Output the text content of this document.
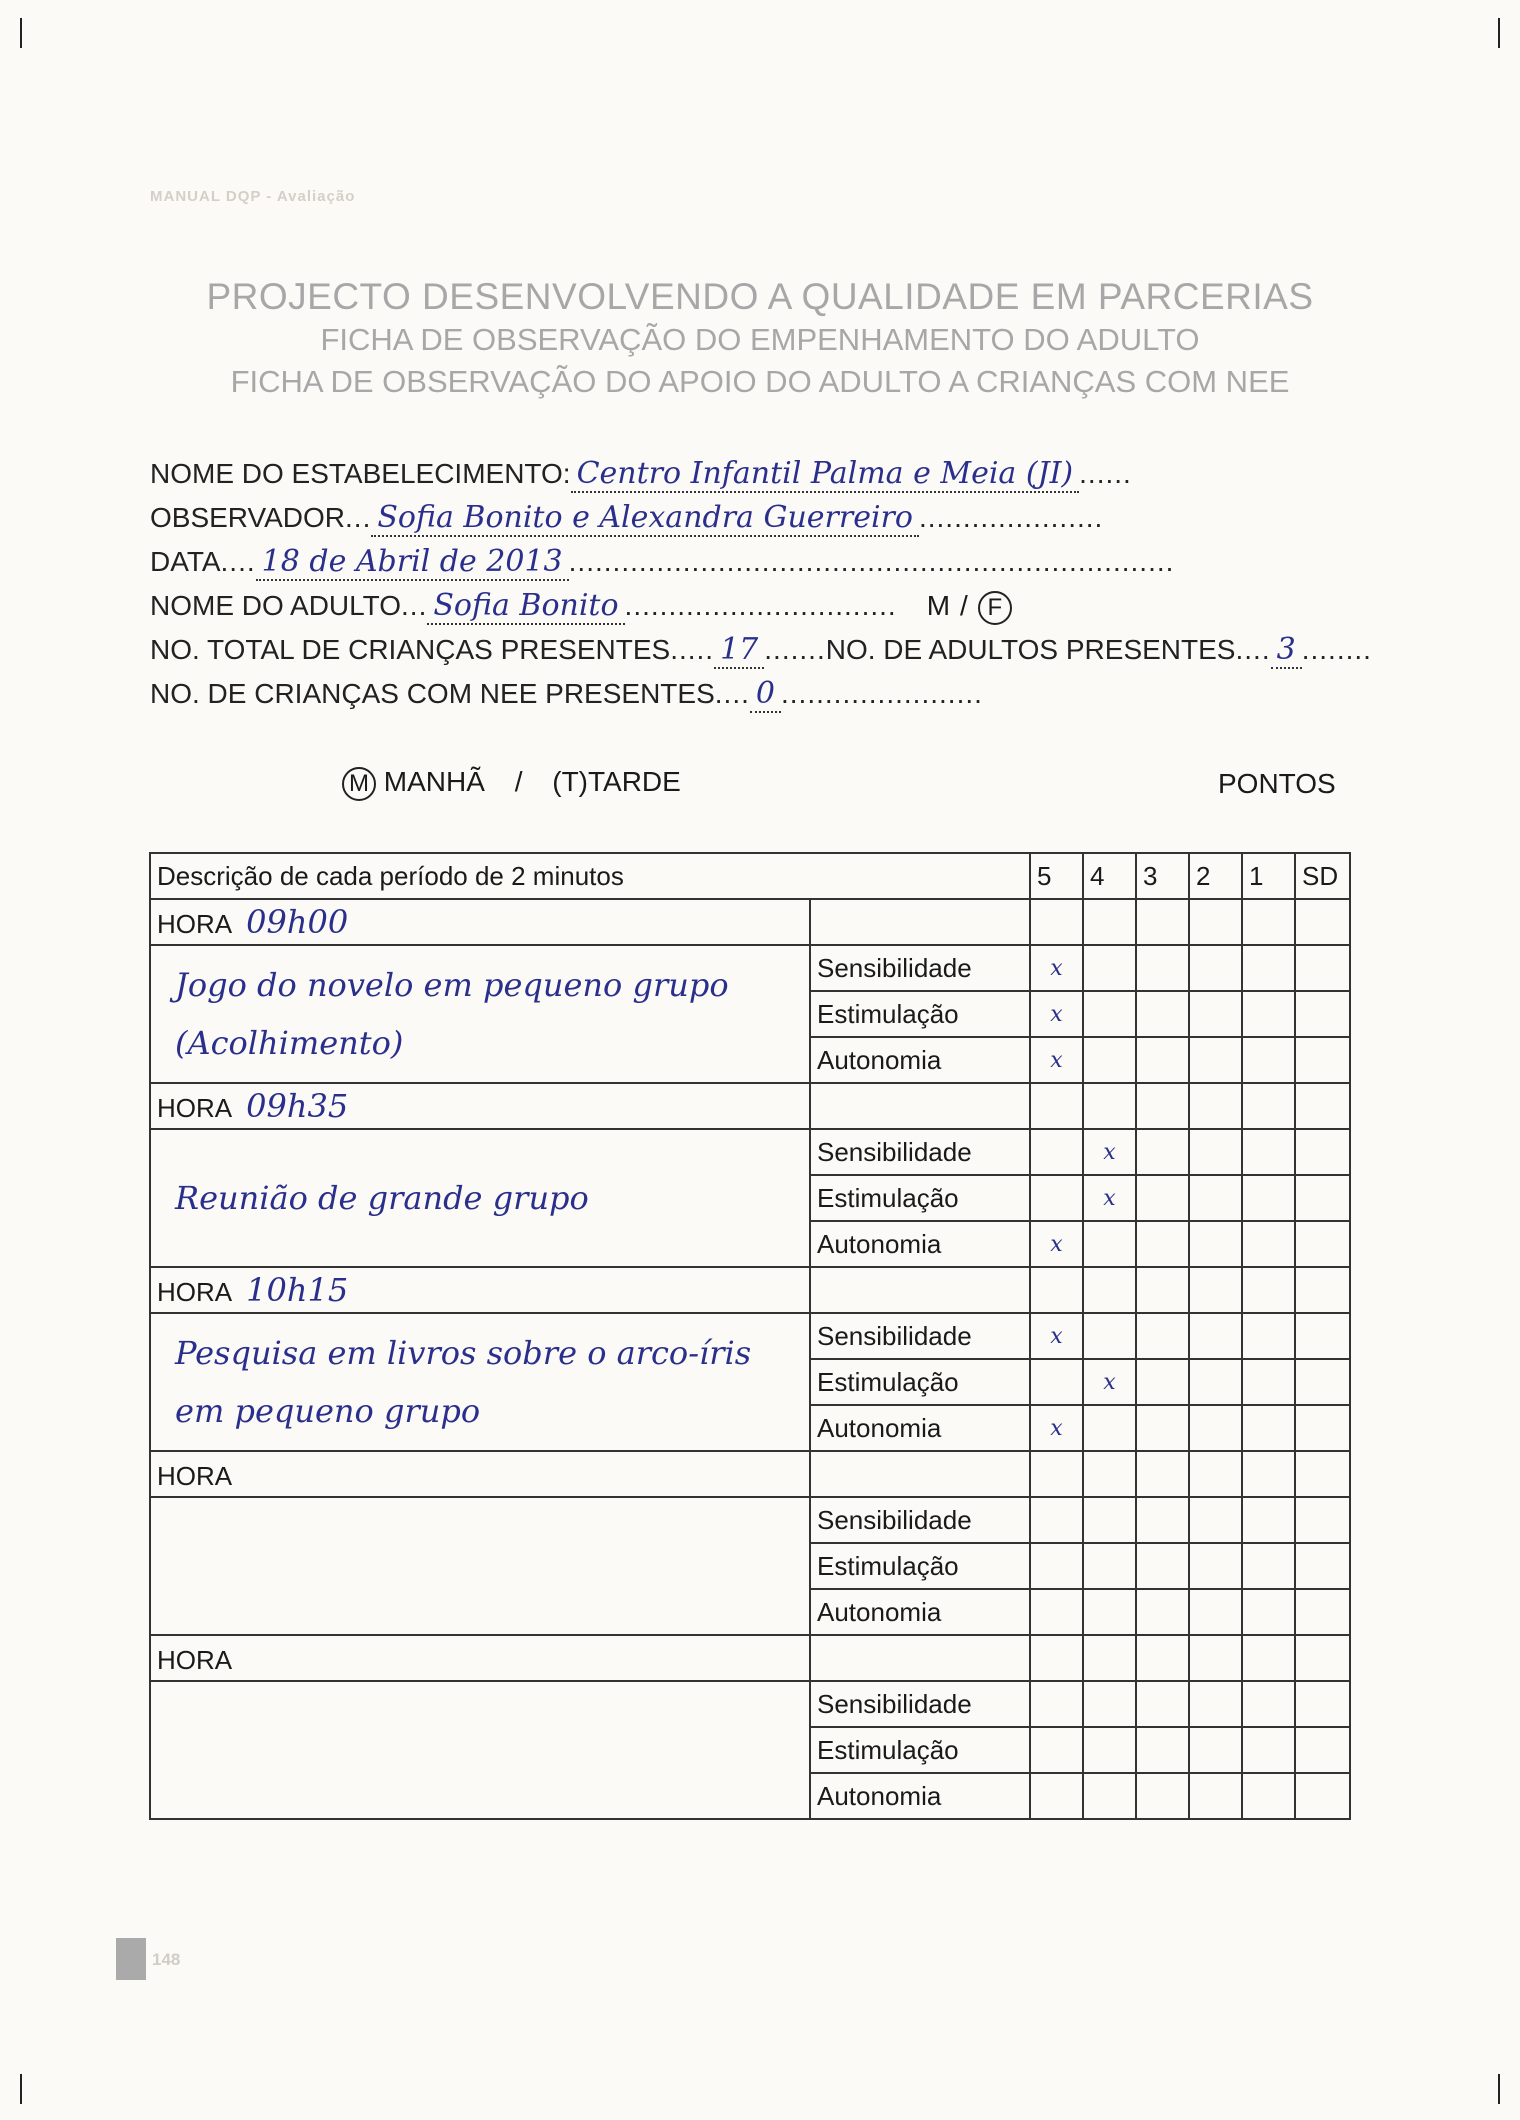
MANUAL DQP - Avaliação
PROJECTO DESENVOLVENDO A QUALIDADE EM PARCERIAS
FICHA DE OBSERVAÇÃO DO EMPENHAMENTO DO ADULTO
FICHA DE OBSERVAÇÃO DO APOIO DO ADULTO A CRIANÇAS COM NEE
NOME DO ESTABELECIMENTO: Centro Infantil Palma e Meia (JI) ......
OBSERVADOR ... Sofia Bonito e Alexandra Guerreiro .....................
DATA .... 18 de Abril de 2013 .....................................................................
NOME DO ADULTO ... Sofia Bonito ............................... M / F
NO. TOTAL DE CRIANÇAS PRESENTES ..... 17 ....... NO. DE ADULTOS PRESENTES .... 3 ........
NO. DE CRIANÇAS COM NEE PRESENTES .... 0 .......................
M MANHÃ / (T)TARDE	PONTOS
Descrição de cada período de 2 minutos		5	4	3	2	1	SD
HORA 09h00							
Jogo do novelo em pequeno grupo (Acolhimento)	Sensibilidade	x					
	Estimulação	x					
	Autonomia	x					
HORA 09h35							
Reunião de grande grupo	Sensibilidade		x				
	Estimulação		x				
	Autonomia	x					
HORA 10h15							
Pesquisa em livros sobre o arco-íris em pequeno grupo	Sensibilidade	x					
	Estimulação		x				
	Autonomia	x					
HORA							
	Sensibilidade						
	Estimulação						
	Autonomia						
HORA							
	Sensibilidade						
	Estimulação						
	Autonomia						
148
